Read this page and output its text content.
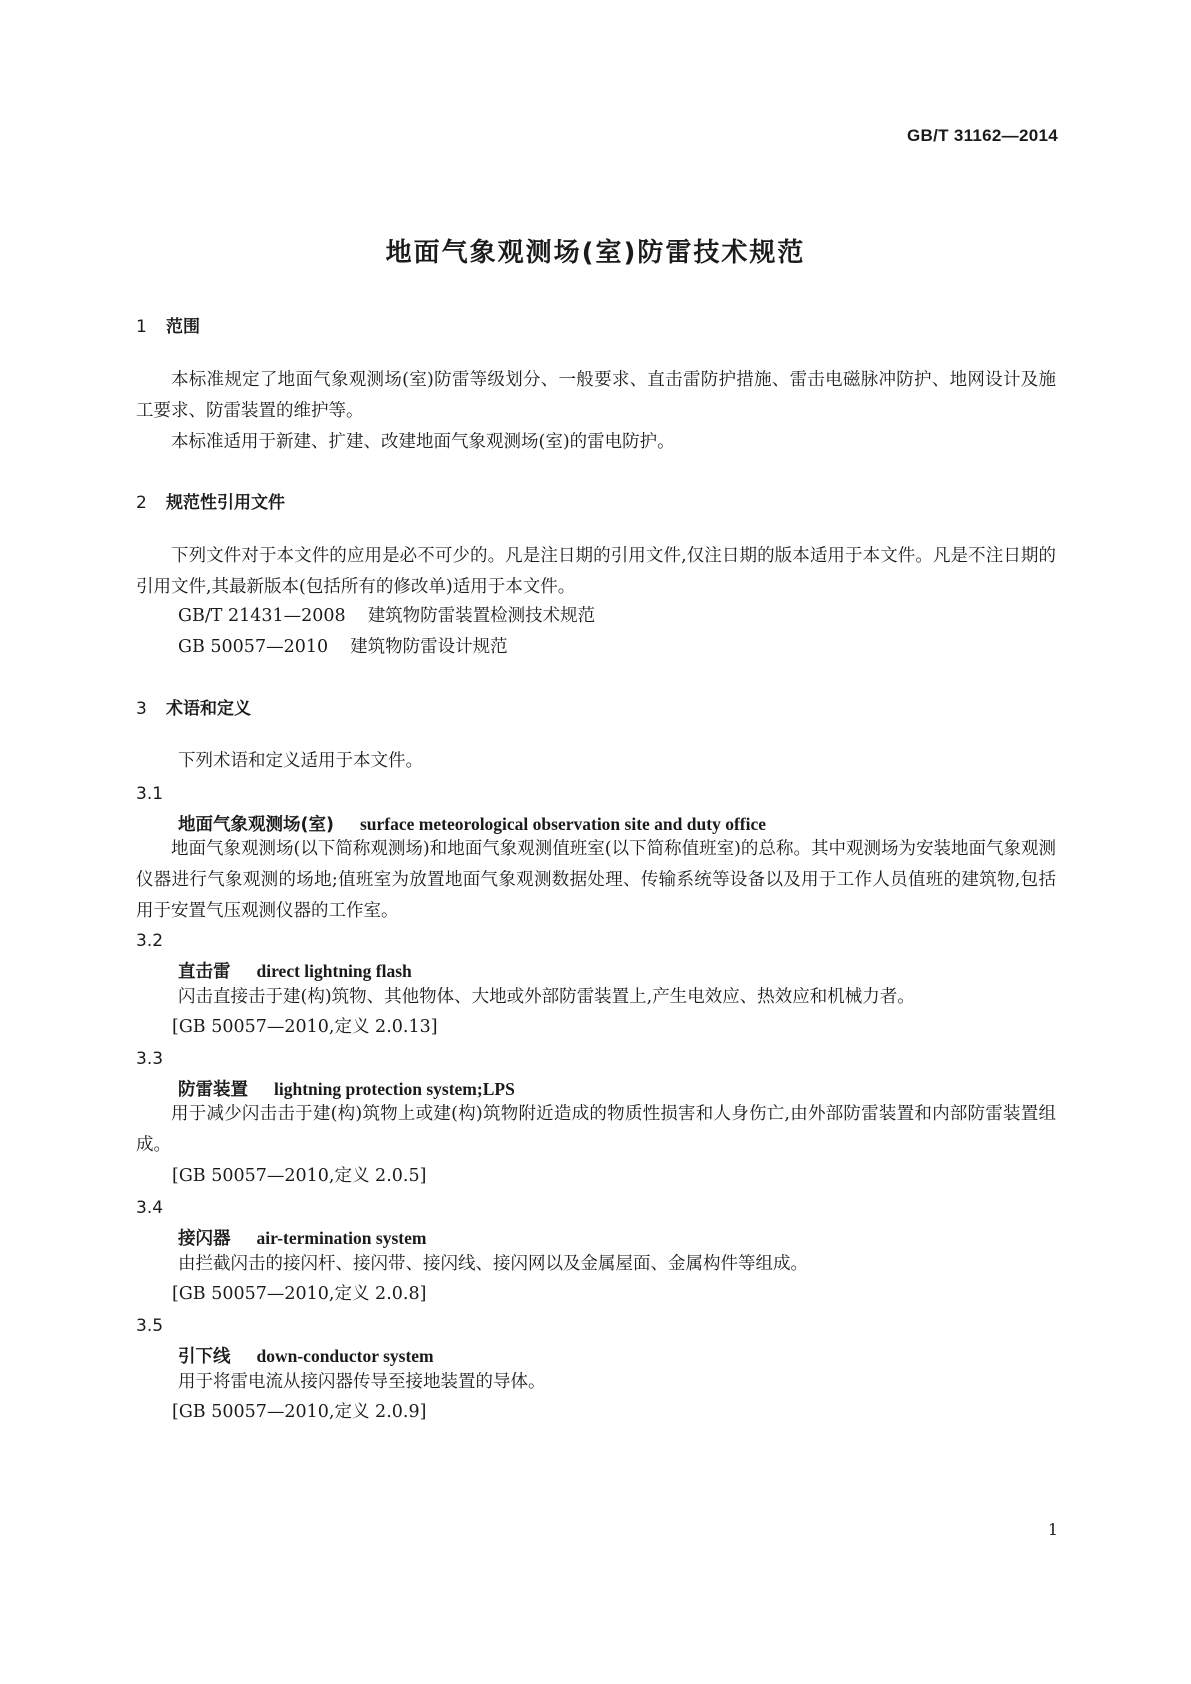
GB/T 31162—2014
地面气象观测场(室)防雷技术规范
1 范围
本标准规定了地面气象观测场(室)防雷等级划分、一般要求、直击雷防护措施、雷击电磁脉冲防护、地网设计及施工要求、防雷装置的维护等。
本标准适用于新建、扩建、改建地面气象观测场(室)的雷电防护。
2 规范性引用文件
下列文件对于本文件的应用是必不可少的。凡是注日期的引用文件,仅注日期的版本适用于本文件。凡是不注日期的引用文件,其最新版本(包括所有的修改单)适用于本文件。
GB/T 21431—2008 建筑物防雷装置检测技术规范
GB 50057—2010 建筑物防雷设计规范
3 术语和定义
下列术语和定义适用于本文件。
3.1
地面气象观测场(室) surface meteorological observation site and duty office
地面气象观测场(以下简称观测场)和地面气象观测值班室(以下简称值班室)的总称。其中观测场为安装地面气象观测仪器进行气象观测的场地;值班室为放置地面气象观测数据处理、传输系统等设备以及用于工作人员值班的建筑物,包括用于安置气压观测仪器的工作室。
3.2
直击雷 direct lightning flash
闪击直接击于建(构)筑物、其他物体、大地或外部防雷装置上,产生电效应、热效应和机械力者。
[GB 50057—2010,定义 2.0.13]
3.3
防雷装置 lightning protection system;LPS
用于减少闪击击于建(构)筑物上或建(构)筑物附近造成的物质性损害和人身伤亡,由外部防雷装置和内部防雷装置组成。
[GB 50057—2010,定义 2.0.5]
3.4
接闪器 air-termination system
由拦截闪击的接闪杆、接闪带、接闪线、接闪网以及金属屋面、金属构件等组成。
[GB 50057—2010,定义 2.0.8]
3.5
引下线 down-conductor system
用于将雷电流从接闪器传导至接地装置的导体。
[GB 50057—2010,定义 2.0.9]
1
